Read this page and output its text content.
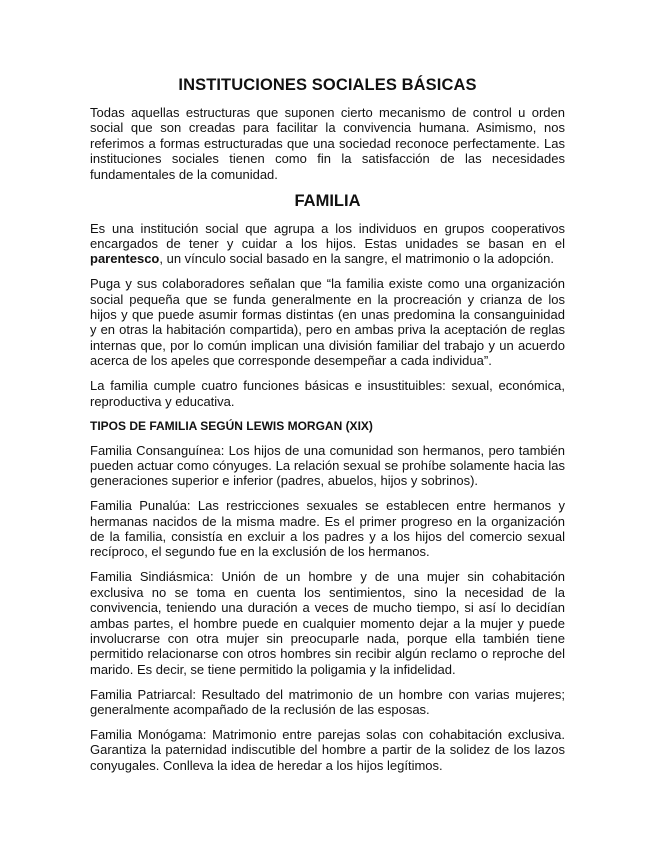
INSTITUCIONES SOCIALES BÁSICAS

Todas aquellas estructuras que suponen cierto mecanismo de control u orden social que son creadas para facilitar la convivencia humana. Asimismo, nos referimos a formas estructuradas que una sociedad reconoce perfectamente. Las instituciones sociales tienen como fin la satisfacción de las necesidades fundamentales de la comunidad.

FAMILIA

Es una institución social que agrupa a los individuos en grupos cooperativos encargados de tener y cuidar a los hijos. Estas unidades se basan en el parentesco, un vínculo social basado en la sangre, el matrimonio o la adopción.

Puga y sus colaboradores señalan que “la familia existe como una organización social pequeña que se funda generalmente en la procreación y crianza de los hijos y que puede asumir formas distintas (en unas predomina la consanguinidad y en otras la habitación compartida), pero en ambas priva la aceptación de reglas internas que, por lo común implican una división familiar del trabajo y un acuerdo acerca de los apeles que corresponde desempeñar a cada individua”.

La familia cumple cuatro funciones básicas e insustituibles: sexual, económica, reproductiva y educativa.

TIPOS DE FAMILIA SEGÚN LEWIS MORGAN (XIX)

Familia Consanguínea: Los hijos de una comunidad son hermanos, pero también pueden actuar como cónyuges. La relación sexual se prohíbe solamente hacia las generaciones superior e inferior (padres, abuelos, hijos y sobrinos).

Familia Punalúa: Las restricciones sexuales se establecen entre hermanos y hermanas nacidos de la misma madre. Es el primer progreso en la organización de la familia, consistía en excluir a los padres y a los hijos del comercio sexual recíproco, el segundo fue en la exclusión de los hermanos.

Familia Sindiásmica: Unión de un hombre y de una mujer sin cohabitación exclusiva no se toma en cuenta los sentimientos, sino la necesidad de la convivencia, teniendo una duración a veces de mucho tiempo, si así lo decidían ambas partes, el hombre puede en cualquier momento dejar a la mujer y puede involucrarse con otra mujer sin preocuparle nada, porque ella también tiene permitido relacionarse con otros hombres sin recibir algún reclamo o reproche del marido. Es decir, se tiene permitido la poligamia y la infidelidad.

Familia Patriarcal: Resultado del matrimonio de un hombre con varias mujeres; generalmente acompañado de la reclusión de las esposas.

Familia Monógama: Matrimonio entre parejas solas con cohabitación exclusiva. Garantiza la paternidad indiscutible del hombre a partir de la solidez de los lazos conyugales. Conlleva la idea de heredar a los hijos legítimos.
